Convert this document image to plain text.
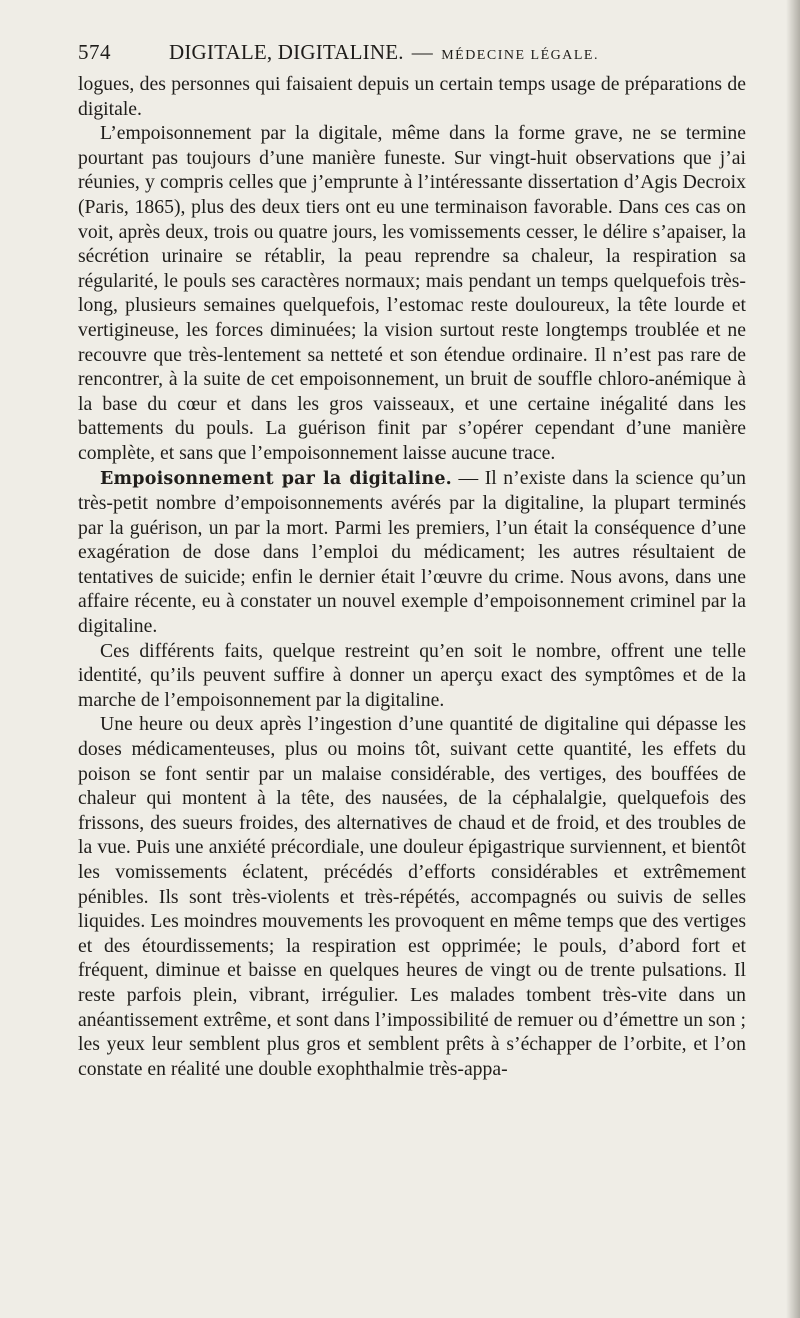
574	DIGITALE, DIGITALINE. — MÉDECINE LÉGALE.

logues, des personnes qui faisaient depuis un certain temps usage de préparations de digitale.

L’empoisonnement par la digitale, même dans la forme grave, ne se termine pourtant pas toujours d’une manière funeste. Sur vingt-huit observations que j’ai réunies, y compris celles que j’emprunte à l’intéressante dissertation d’Agis Decroix (Paris, 1865), plus des deux tiers ont eu une terminaison favorable. Dans ces cas on voit, après deux, trois ou quatre jours, les vomissements cesser, le délire s’apaiser, la sécrétion urinaire se rétablir, la peau reprendre sa chaleur, la respiration sa régularité, le pouls ses caractères normaux; mais pendant un temps quelquefois très-long, plusieurs semaines quelquefois, l’estomac reste douloureux, la tête lourde et vertigineuse, les forces diminuées; la vision surtout reste longtemps troublée et ne recouvre que très-lentement sa netteté et son étendue ordinaire. Il n’est pas rare de rencontrer, à la suite de cet empoisonnement, un bruit de souffle chloro-anémique à la base du cœur et dans les gros vaisseaux, et une certaine inégalité dans les battements du pouls. La guérison finit par s’opérer cependant d’une manière complète, et sans que l’empoisonnement laisse aucune trace.

Empoisonnement par la digitaline. — Il n’existe dans la science qu’un très-petit nombre d’empoisonnements avérés par la digitaline, la plupart terminés par la guérison, un par la mort. Parmi les premiers, l’un était la conséquence d’une exagération de dose dans l’emploi du médicament; les autres résultaient de tentatives de suicide; enfin le dernier était l’œuvre du crime. Nous avons, dans une affaire récente, eu à constater un nouvel exemple d’empoisonnement criminel par la digitaline.

Ces différents faits, quelque restreint qu’en soit le nombre, offrent une telle identité, qu’ils peuvent suffire à donner un aperçu exact des symptômes et de la marche de l’empoisonnement par la digitaline.

Une heure ou deux après l’ingestion d’une quantité de digitaline qui dépasse les doses médicamenteuses, plus ou moins tôt, suivant cette quantité, les effets du poison se font sentir par un malaise considérable, des vertiges, des bouffées de chaleur qui montent à la tête, des nausées, de la céphalalgie, quelquefois des frissons, des sueurs froides, des alternatives de chaud et de froid, et des troubles de la vue. Puis une anxiété précordiale, une douleur épigastrique surviennent, et bientôt les vomissements éclatent, précédés d’efforts considérables et extrêmement pénibles. Ils sont très-violents et très-répétés, accompagnés ou suivis de selles liquides. Les moindres mouvements les provoquent en même temps que des vertiges et des étourdissements; la respiration est opprimée; le pouls, d’abord fort et fréquent, diminue et baisse en quelques heures de vingt ou de trente pulsations. Il reste parfois plein, vibrant, irrégulier. Les malades tombent très-vite dans un anéantissement extrême, et sont dans l’impossibilité de remuer ou d’émettre un son ; les yeux leur semblent plus gros et semblent prêts à s’échapper de l’orbite, et l’on constate en réalité une double exophthalmie très-appa-
